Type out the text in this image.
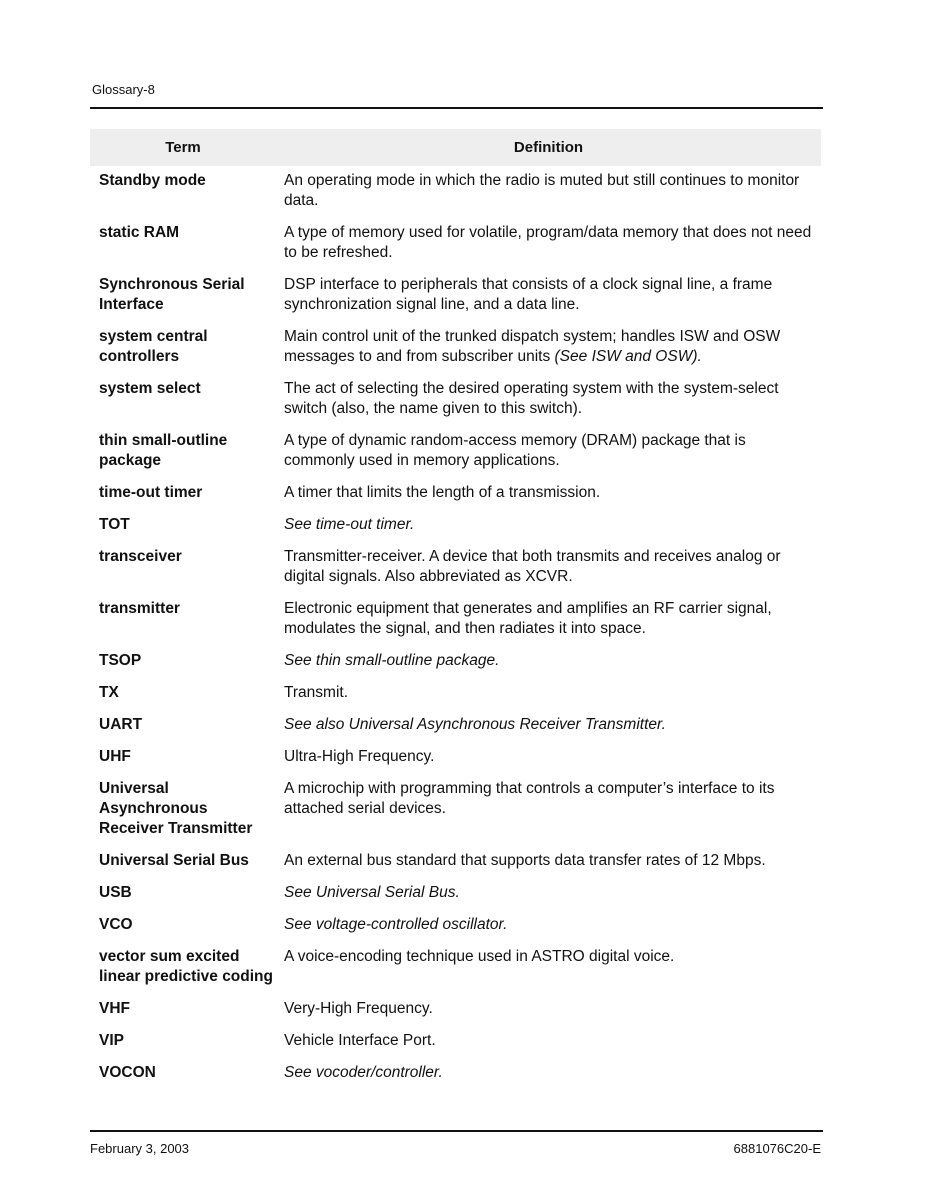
Glossary-8
Term	Definition
Standby mode	An operating mode in which the radio is muted but still continues to monitor data.
static RAM	A type of memory used for volatile, program/data memory that does not need to be refreshed.
Synchronous Serial Interface	DSP interface to peripherals that consists of a clock signal line, a frame synchronization signal line, and a data line.
system central controllers	Main control unit of the trunked dispatch system; handles ISW and OSW messages to and from subscriber units (See ISW and OSW).
system select	The act of selecting the desired operating system with the system-select switch (also, the name given to this switch).
thin small-outline package	A type of dynamic random-access memory (DRAM) package that is commonly used in memory applications.
time-out timer	A timer that limits the length of a transmission.
TOT	See time-out timer.
transceiver	Transmitter-receiver. A device that both transmits and receives analog or digital signals. Also abbreviated as XCVR.
transmitter	Electronic equipment that generates and amplifies an RF carrier signal, modulates the signal, and then radiates it into space.
TSOP	See thin small-outline package.
TX	Transmit.
UART	See also Universal Asynchronous Receiver Transmitter.
UHF	Ultra-High Frequency.
Universal Asynchronous Receiver Transmitter	A microchip with programming that controls a computer’s interface to its attached serial devices.
Universal Serial Bus	An external bus standard that supports data transfer rates of 12 Mbps.
USB	See Universal Serial Bus.
VCO	See voltage-controlled oscillator.
vector sum excited linear predictive coding	A voice-encoding technique used in ASTRO digital voice.
VHF	Very-High Frequency.
VIP	Vehicle Interface Port.
VOCON	See vocoder/controller.
February 3, 2003	6881076C20-E
